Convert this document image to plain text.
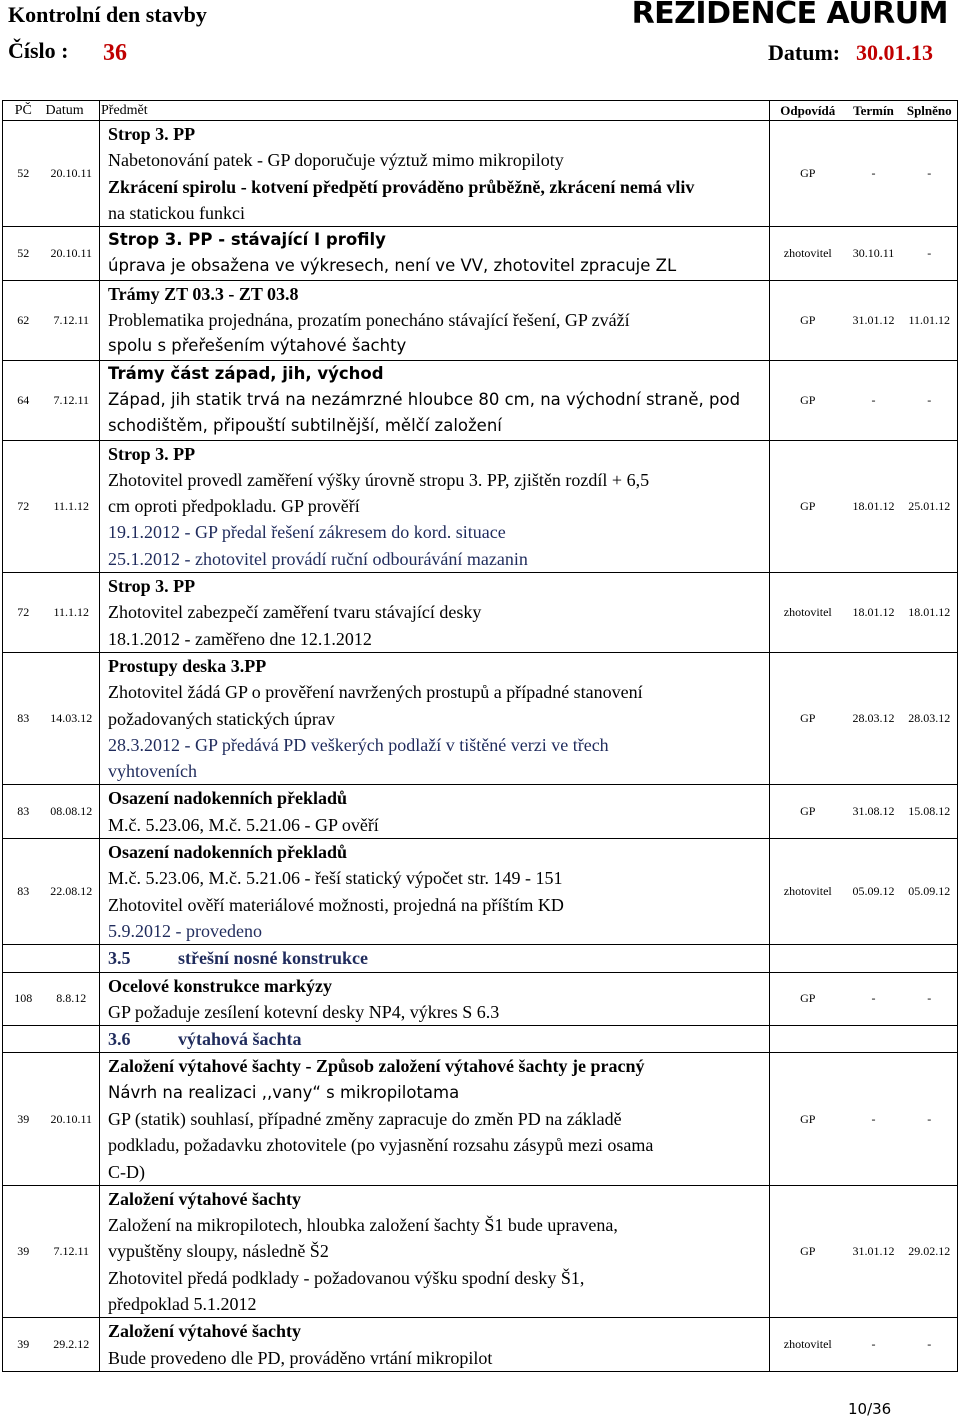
Kontrolní den stavby	REZIDENCE AURUM
Číslo : 36	Datum: 30.01.13
PČ	Datum	Předmět	Odpovídá	Termín	Splněno
52	20.10.11	Strop 3. PP
Nabetonování patek - GP doporučuje výztuž mimo mikropiloty
Zkrácení spirolu - kotvení předpětí prováděno průběžně, zkrácení nemá vliv
na statickou funkci	GP	-	-
52	20.10.11	Strop 3. PP - stávající I profily
úprava je obsažena ve výkresech, není ve VV, zhotovitel zpracuje ZL	zhotovitel	30.10.11	-
62	7.12.11	Trámy ZT 03.3 - ZT 03.8
Problematika projednána, prozatím ponecháno stávající řešení, GP zváží
spolu s přeřešením výtahové šachty	GP	31.01.12	11.01.12
64	7.12.11	Trámy část západ, jih, východ
Západ, jih statik trvá na nezámrzné hloubce 80 cm, na východní straně, pod
schodištěm, připouští subtilnější, mělčí založení	GP	-	-
72	11.1.12	Strop 3. PP
Zhotovitel provedl zaměření výšky úrovně stropu 3. PP, zjištěn rozdíl + 6,5
cm oproti předpokladu. GP prověří
19.1.2012 - GP předal řešení zákresem do kord. situace
25.1.2012 - zhotovitel provádí ruční odbourávání mazanin	GP	18.01.12	25.01.12
72	11.1.12	Strop 3. PP
Zhotovitel zabezpečí zaměření tvaru stávající desky
18.1.2012 - zaměřeno dne 12.1.2012	zhotovitel	18.01.12	18.01.12
83	14.03.12	Prostupy deska 3.PP
Zhotovitel žádá GP o prověření navržených prostupů a případné stanovení
požadovaných statických úprav
28.3.2012 - GP předává PD veškerých podlaží v tištěné verzi ve třech
vyhtoveních	GP	28.03.12	28.03.12
83	08.08.12	Osazení nadokenních překladů
M.č. 5.23.06, M.č. 5.21.06 - GP ověří	GP	31.08.12	15.08.12
83	22.08.12	Osazení nadokenních překladů
M.č. 5.23.06, M.č. 5.21.06 - řeší statický výpočet str. 149 - 151
Zhotovitel ověří materiálové možnosti, projedná na příštím KD
5.9.2012 - provedeno	zhotovitel	05.09.12	05.09.12
		3.5 střešní nosné konstrukce			
108	8.8.12	Ocelové konstrukce markýzy
GP požaduje zesílení kotevní desky NP4, výkres S 6.3	GP	-	-
		3.6 výtahová šachta			
39	20.10.11	Založení výtahové šachty - Způsob založení výtahové šachty je pracný
Návrh na realizaci ,,vany“ s mikropilotama
GP (statik) souhlasí, případné změny zapracuje do změn PD na základě
podkladu, požadavku zhotovitele (po vyjasnění rozsahu zásypů mezi osama
C-D)	GP	-	-
39	7.12.11	Založení výtahové šachty
Založení na mikropilotech, hloubka založení šachty Š1 bude upravena,
vypuštěny sloupy, následně Š2
Zhotovitel předá podklady - požadovanou výšku spodní desky Š1,
předpoklad 5.1.2012	GP	31.01.12	29.02.12
39	29.2.12	Založení výtahové šachty
Bude provedeno dle PD, prováděno vrtání mikropilot	zhotovitel	-	-
10/36
